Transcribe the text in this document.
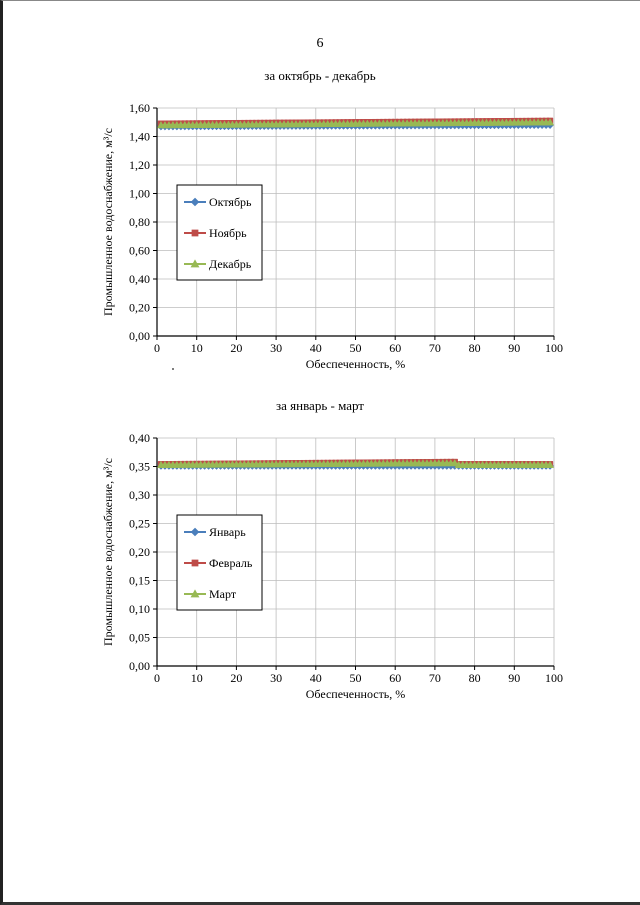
6
за октябрь - декабрь
0	10 20 30 40 50 60 70 80 90 100
0,00
0,20
0,40
0,60
0,80
1,00
1,20
1,40
1,60
Обеспеченность, %
Промышленное водоснабжение, м³/с	Октябрь
Ноябрь
Декабрь
за январь - март
0	10 20 30 40 50 60 70 80 90 100
0,00
0,05
0,10
0,15
0,20
0,25
0,30
0,35
0,40
Обеспеченность, %
Промышленное водоснабжение, м³/с	Январь
Февраль
Март
